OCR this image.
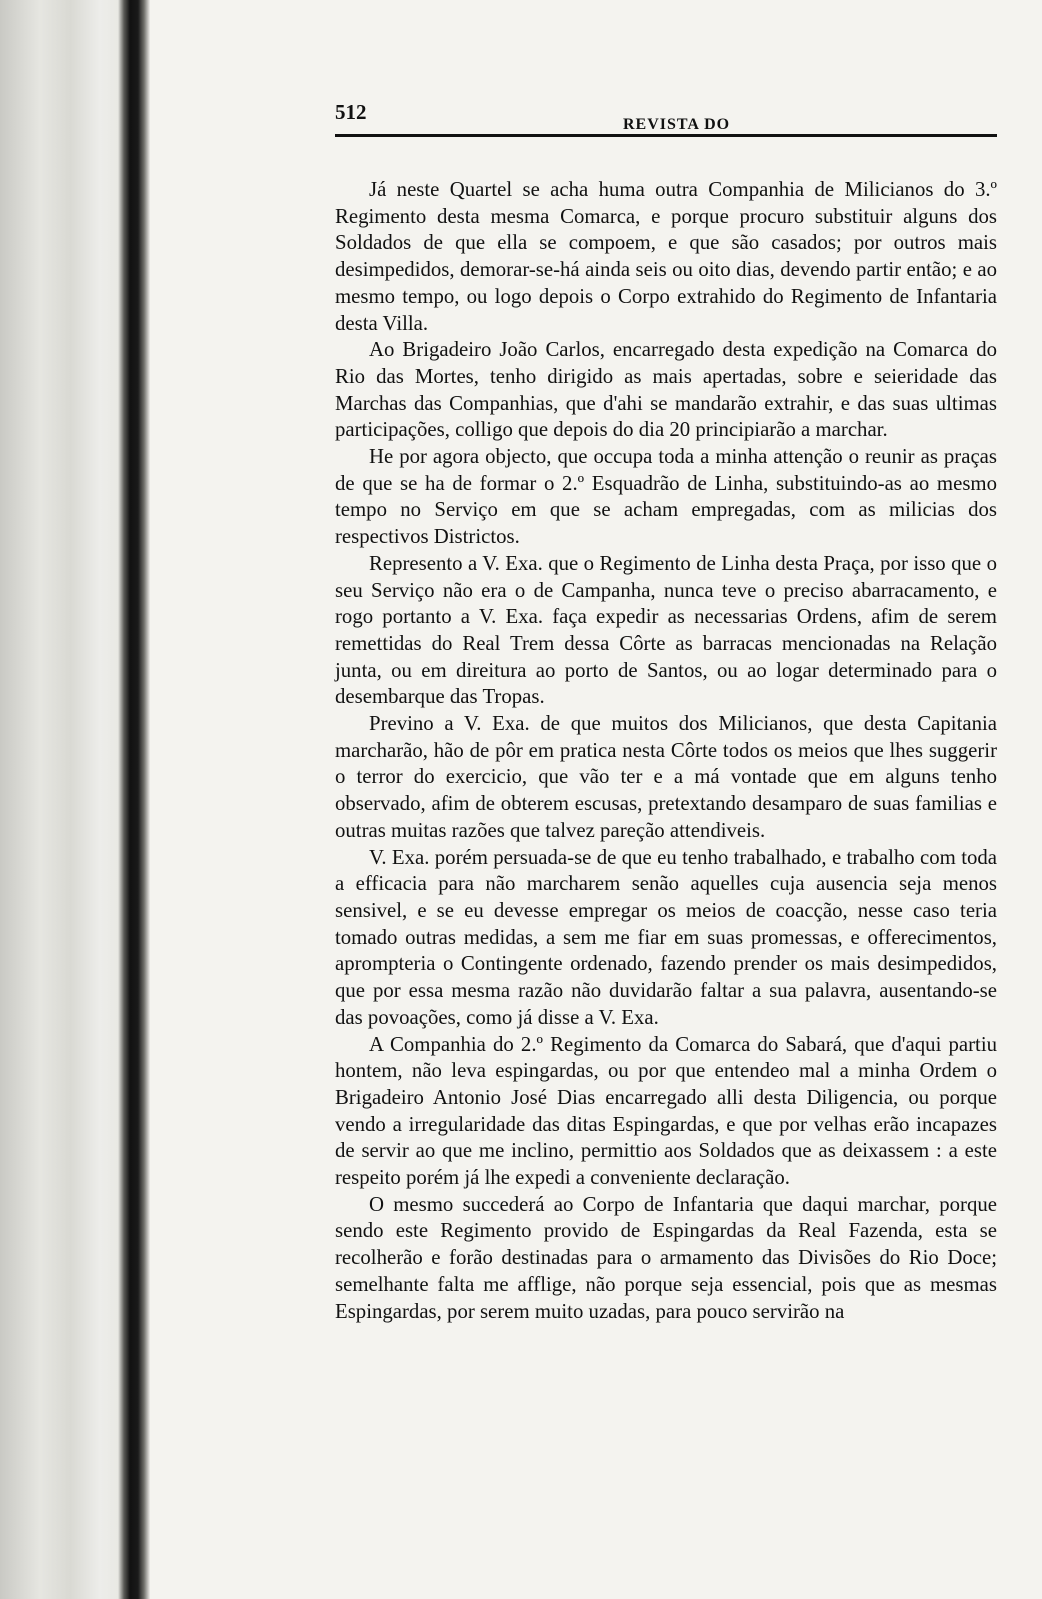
512
REVISTA DO

Já neste Quartel se acha huma outra Companhia de Milicianos do 3.º Regimento desta mesma Comarca, e porque procuro substituir alguns dos Soldados de que ella se compoem, e que são casados; por outros mais desimpedidos, demorar-se-há ainda seis ou oito dias, devendo partir então; e ao mesmo tempo, ou logo depois o Corpo extrahido do Regimento de Infantaria desta Villa.

Ao Brigadeiro João Carlos, encarregado desta expedição na Comarca do Rio das Mortes, tenho dirigido as mais apertadas, sobre e seieridade das Marchas das Companhias, que d'ahi se mandarão extrahir, e das suas ultimas participações, colligo que depois do dia 20 principiarão a marchar.

He por agora objecto, que occupa toda a minha attenção o reunir as praças de que se ha de formar o 2.º Esquadrão de Linha, substituindo-as ao mesmo tempo no Serviço em que se acham empregadas, com as milicias dos respectivos Districtos.

Represento a V. Exa. que o Regimento de Linha desta Praça, por isso que o seu Serviço não era o de Campanha, nunca teve o preciso abarracamento, e rogo portanto a V. Exa. faça expedir as necessarias Ordens, afim de serem remettidas do Real Trem dessa Côrte as barracas mencionadas na Relação junta, ou em direitura ao porto de Santos, ou ao logar determinado para o desembarque das Tropas.

Previno a V. Exa. de que muitos dos Milicianos, que desta Capitania marcharão, hão de pôr em pratica nesta Côrte todos os meios que lhes suggerir o terror do exercicio, que vão ter e a má vontade que em alguns tenho observado, afim de obterem escusas, pretextando desamparo de suas familias e outras muitas razões que talvez pareção attendiveis.

V. Exa. porém persuada-se de que eu tenho trabalhado, e trabalho com toda a efficacia para não marcharem senão aquelles cuja ausencia seja menos sensivel, e se eu devesse empregar os meios de coacção, nesse caso teria tomado outras medidas, a sem me fiar em suas promessas, e offerecimentos, aprompteria o Contingente ordenado, fazendo prender os mais desimpedidos, que por essa mesma razão não duvidarão faltar a sua palavra, ausentando-se das povoações, como já disse a V. Exa.

A Companhia do 2.º Regimento da Comarca do Sabará, que d'aqui partiu hontem, não leva espingardas, ou por que entendeo mal a minha Ordem o Brigadeiro Antonio José Dias encarregado alli desta Diligencia, ou porque vendo a irregularidade das ditas Espingardas, e que por velhas erão incapazes de servir ao que me inclino, permittio aos Soldados que as deixassem : a este respeito porém já lhe expedi a conveniente declaração.

O mesmo succederá ao Corpo de Infantaria que daqui marchar, porque sendo este Regimento provido de Espingardas da Real Fazenda, esta se recolherão e forão destinadas para o armamento das Divisões do Rio Doce; semelhante falta me afflige, não porque seja essencial, pois que as mesmas Espingardas, por serem muito uzadas, para pouco servirão na
